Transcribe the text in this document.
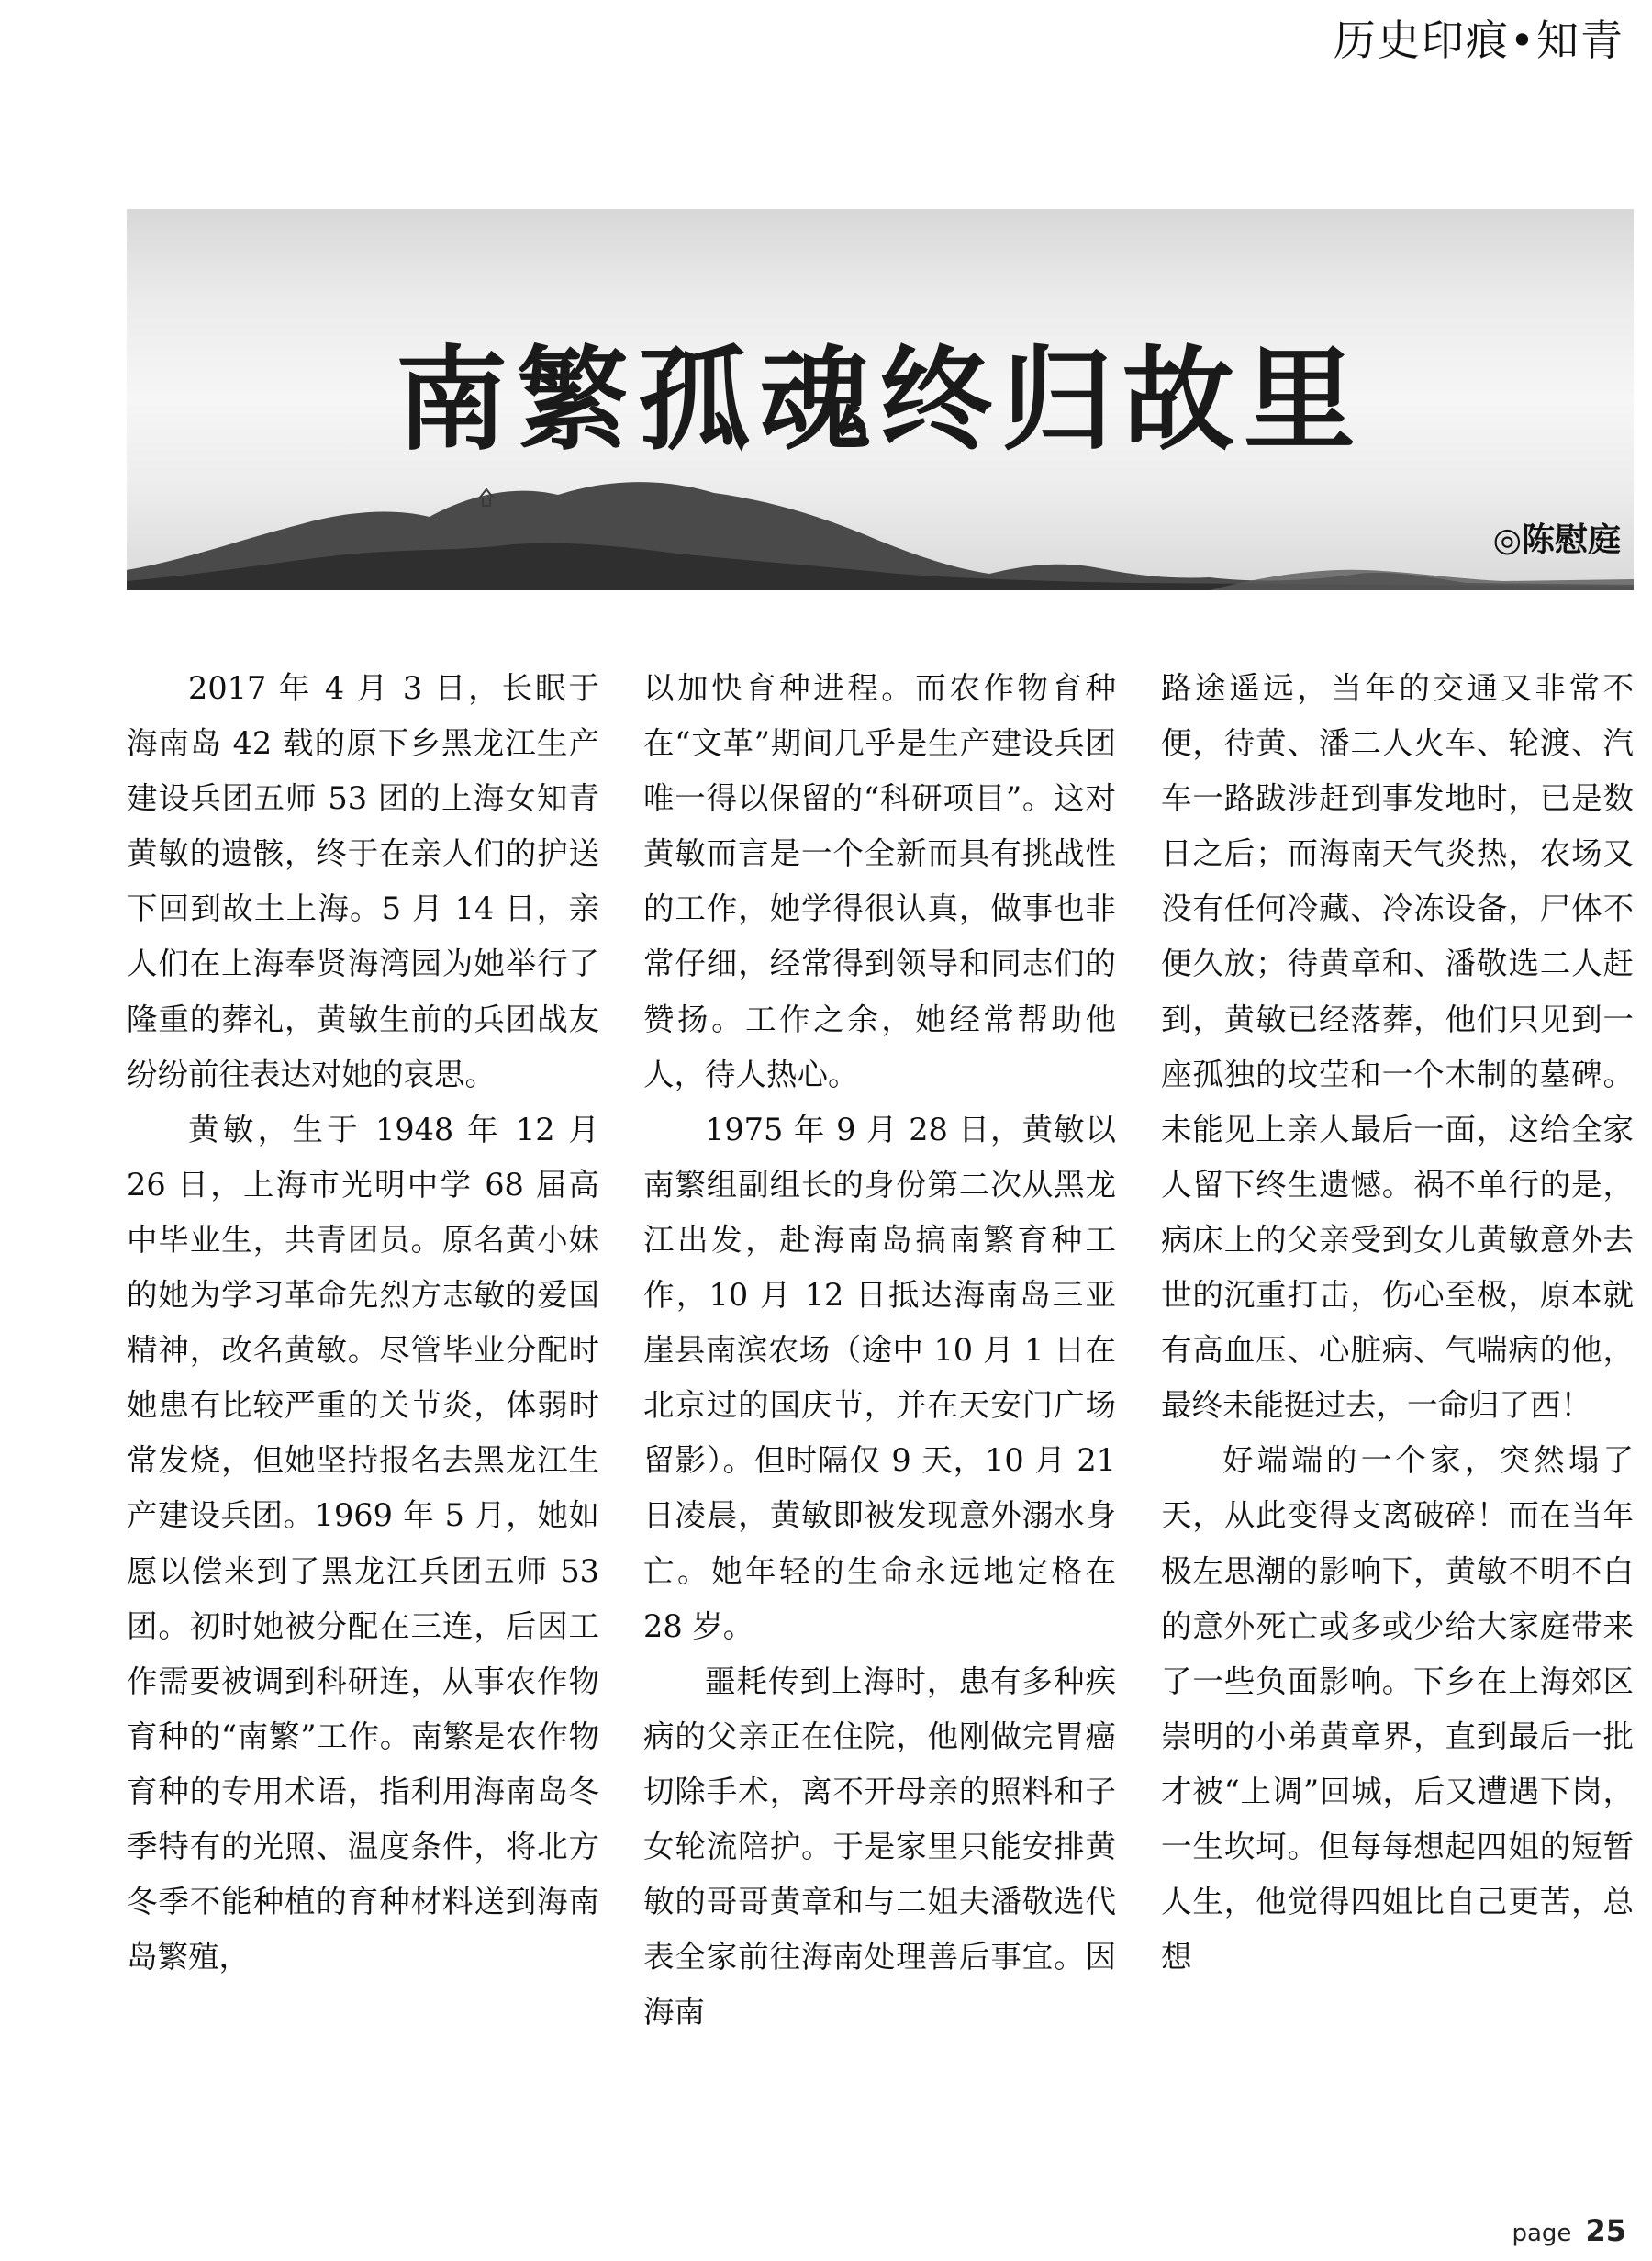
历史印痕•知青
南繁孤魂终归故里
◎陈慰庭

2017 年 4 月 3 日，长眠于海南岛 42 载的原下乡黑龙江生产建设兵团五师 53 团的上海女知青黄敏的遗骸，终于在亲人们的护送下回到故土上海。5 月 14 日，亲人们在上海奉贤海湾园为她举行了隆重的葬礼，黄敏生前的兵团战友纷纷前往表达对她的哀思。

黄敏，生于 1948 年 12 月 26 日，上海市光明中学 68 届高中毕业生，共青团员。原名黄小妹的她为学习革命先烈方志敏的爱国精神，改名黄敏。尽管毕业分配时她患有比较严重的关节炎，体弱时常发烧，但她坚持报名去黑龙江生产建设兵团。1969 年 5 月，她如愿以偿来到了黑龙江兵团五师 53 团。初时她被分配在三连，后因工作需要被调到科研连，从事农作物育种的“南繁”工作。南繁是农作物育种的专用术语，指利用海南岛冬季特有的光照、温度条件，将北方冬季不能种植的育种材料送到海南岛繁殖，

以加快育种进程。而农作物育种在“文革”期间几乎是生产建设兵团唯一得以保留的“科研项目”。这对黄敏而言是一个全新而具有挑战性的工作，她学得很认真，做事也非常仔细，经常得到领导和同志们的赞扬。工作之余，她经常帮助他人，待人热心。

1975 年 9 月 28 日，黄敏以南繁组副组长的身份第二次从黑龙江出发，赴海南岛搞南繁育种工作，10 月 12 日抵达海南岛三亚崖县南滨农场（途中 10 月 1 日在北京过的国庆节，并在天安门广场留影）。但时隔仅 9 天，10 月 21 日凌晨，黄敏即被发现意外溺水身亡。她年轻的生命永远地定格在 28 岁。

噩耗传到上海时，患有多种疾病的父亲正在住院，他刚做完胃癌切除手术，离不开母亲的照料和子女轮流陪护。于是家里只能安排黄敏的哥哥黄章和与二姐夫潘敬选代表全家前往海南处理善后事宜。因海南

路途遥远，当年的交通又非常不便，待黄、潘二人火车、轮渡、汽车一路跋涉赶到事发地时，已是数日之后；而海南天气炎热，农场又没有任何冷藏、冷冻设备，尸体不便久放；待黄章和、潘敬选二人赶到，黄敏已经落葬，他们只见到一座孤独的坟茔和一个木制的墓碑。未能见上亲人最后一面，这给全家人留下终生遗憾。祸不单行的是，病床上的父亲受到女儿黄敏意外去世的沉重打击，伤心至极，原本就有高血压、心脏病、气喘病的他，最终未能挺过去，一命归了西！

好端端的一个家，突然塌了天，从此变得支离破碎！而在当年极左思潮的影响下，黄敏不明不白的意外死亡或多或少给大家庭带来了一些负面影响。下乡在上海郊区崇明的小弟黄章界，直到最后一批才被“上调”回城，后又遭遇下岗，一生坎坷。但每每想起四姐的短暂人生，他觉得四姐比自己更苦，总想

page 25
